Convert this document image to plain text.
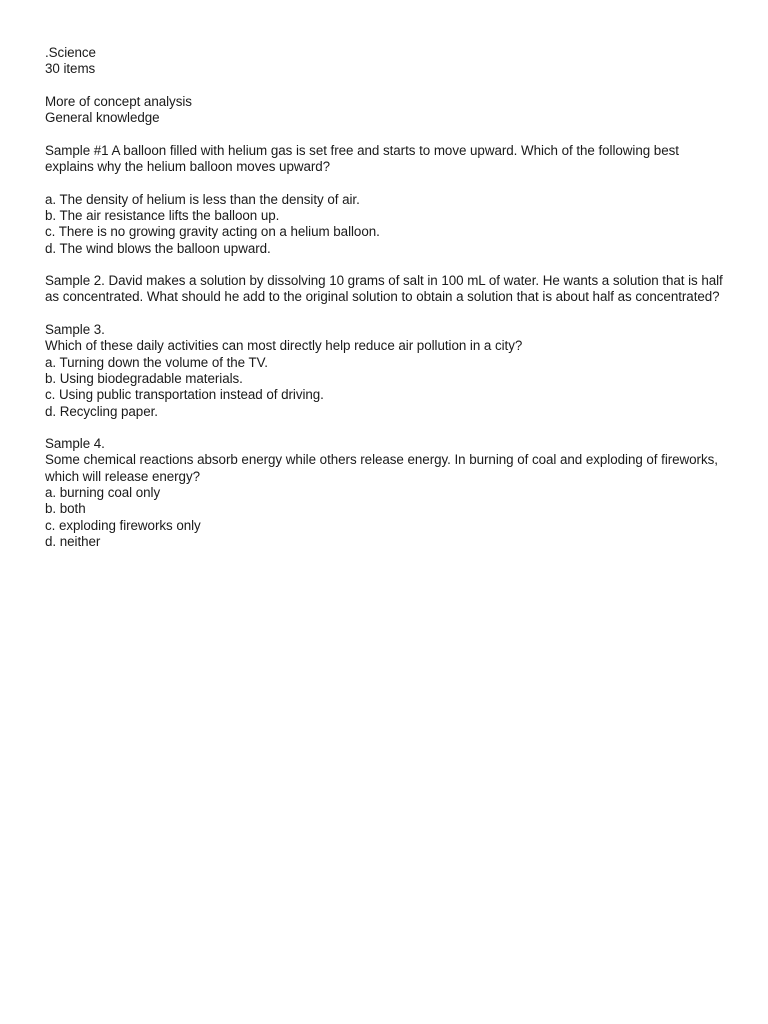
.Science
30 items
More of concept analysis
General knowledge
Sample #1 A balloon filled with helium gas is set free and starts to move upward. Which of the following best explains why the helium balloon moves upward?
a. The density of helium is less than the density of air.
b. The air resistance lifts the balloon up.
c. There is no growing gravity acting on a helium balloon.
d. The wind blows the balloon upward.
Sample 2. David makes a solution by dissolving 10 grams of salt in 100 mL of water. He wants a solution that is half as concentrated. What should he add to the original solution to obtain a solution that is about half as concentrated?
Sample 3.
Which of these daily activities can most directly help reduce air pollution in a city?
a. Turning down the volume of the TV.
b. Using biodegradable materials.
c. Using public transportation instead of driving.
d. Recycling paper.
Sample 4.
Some chemical reactions absorb energy while others release energy. In burning of coal and exploding of fireworks, which will release energy?
a. burning coal only
b. both
c. exploding fireworks only
d. neither
